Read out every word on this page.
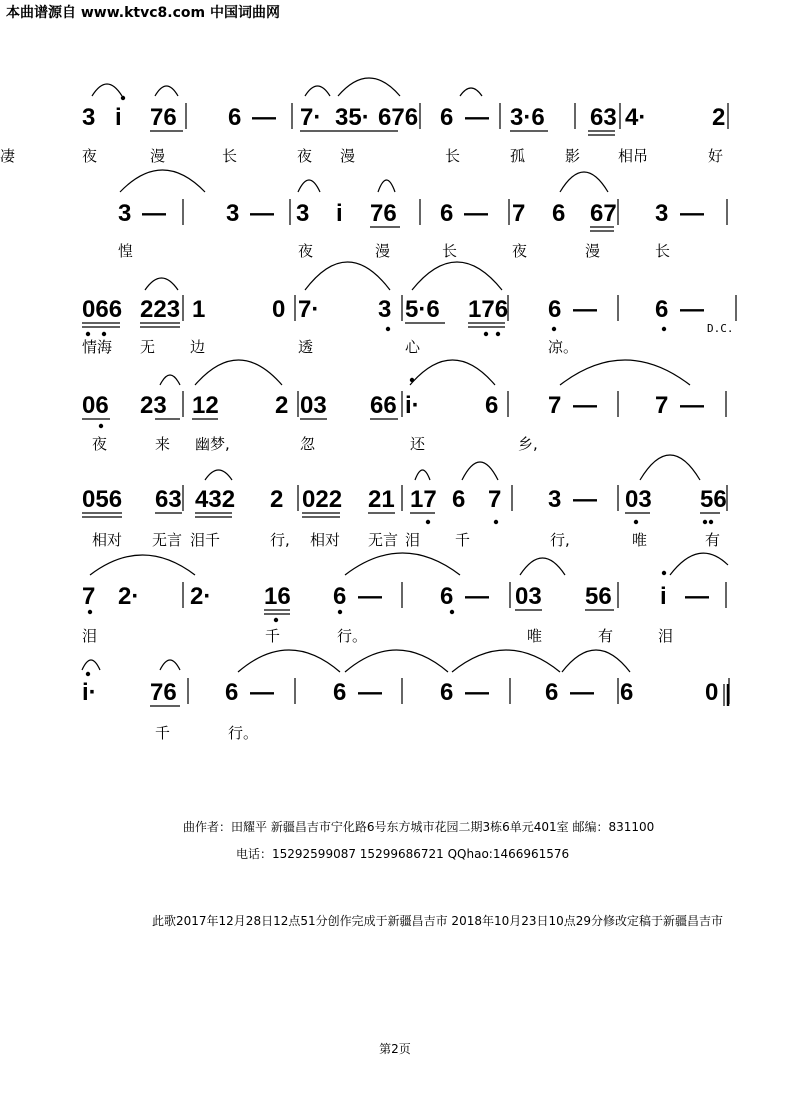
本曲谱源自 www.ktvc8.com 中国词曲网
3 i 76 6 — 7· 35· 676 6 — 3·6 63 4·	2
3 —	3 — 3 i 76 6 — 7 6 67 3 —
066 223 1	0 7· 3 5·6 176 6 — 6 —
06 23 12 2 03 66 i·	6 7 — 7 —
056 63 432 2 022 21 17 6 7 3 — 03 56
7 2· 2· 16 6 — 6 — 03 56 i —
i· 76 6 — 6 — 6 — 6 — 6	0
D.C.
夜	漫	长	夜 漫	长	孤	影	相吊	好
凄
惶	夜	漫	长	夜	漫	长
情海 无 边	透	心	凉。
夜	来 幽梦,	忽	还	乡,
相对 无言 泪千	行, 相对 无言 泪 千	行,	唯	有
泪	千	行。	唯	有	泪
千	行。
曲作者：田耀平 新疆昌吉市宁化路6号东方城市花园二期3栋6单元401室 邮编：831100
电话：15292599087 15299686721 QQhao:1466961576
此歌2017年12月28日12点51分创作完成于新疆昌吉市 2018年10月23日10点29分修改定稿于新疆昌吉市
第2页
